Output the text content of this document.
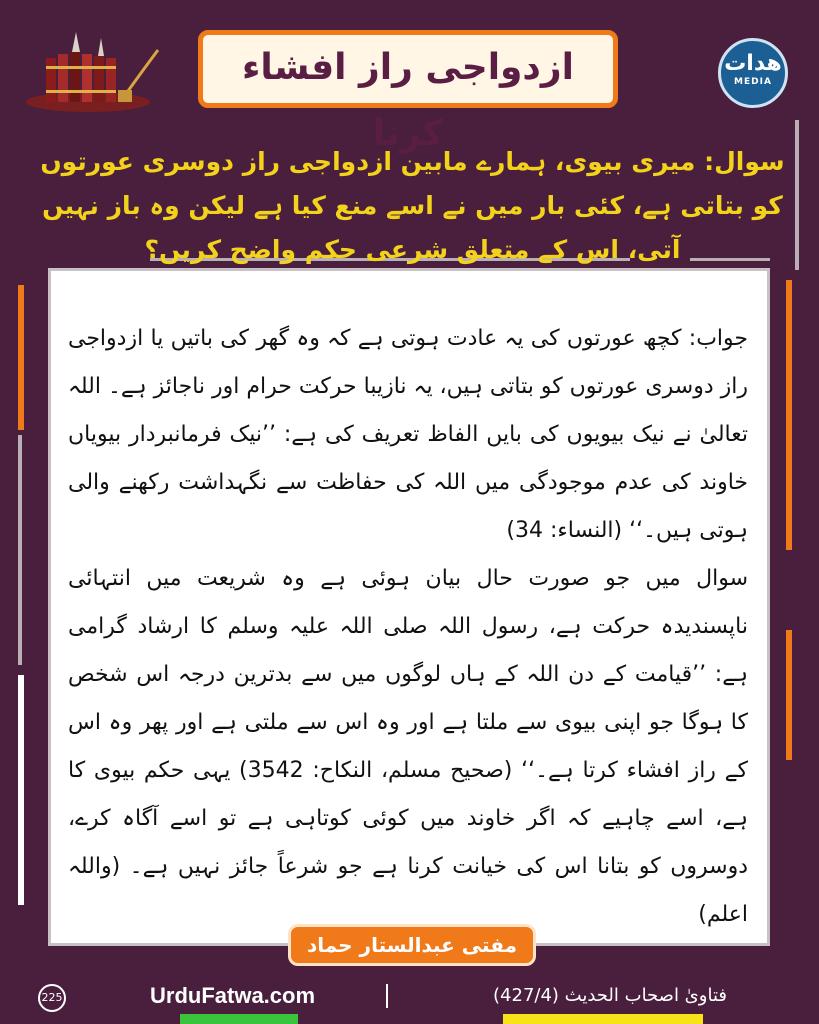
ھدات
MEDIA
ازدواجی راز افشاء کرنا
سوال: میری بیوی، ہمارے مابین ازدواجی راز دوسری عورتوں کو بتاتی ہے، کئی بار میں نے اسے منع کیا ہے لیکن وہ باز نہیں آتی، اس کے متعلق شرعی حکم واضح کریں؟
جواب: کچھ عورتوں کی یہ عادت ہوتی ہے کہ وہ گھر کی باتیں یا ازدواجی راز دوسری عورتوں کو بتاتی ہیں، یہ نازیبا حرکت حرام اور ناجائز ہے۔ اللہ تعالیٰ نے نیک بیویوں کی بایں الفاظ تعریف کی ہے: ’’نیک فرمانبردار بیویاں خاوند کی عدم موجودگی میں اللہ کی حفاظت سے نگہداشت رکھنے والی ہوتی ہیں۔‘‘ (النساء: 34)
سوال میں جو صورت حال بیان ہوئی ہے وہ شریعت میں انتہائی ناپسندیدہ حرکت ہے، رسول اللہ صلی اللہ علیہ وسلم کا ارشاد گرامی ہے: ’’قیامت کے دن اللہ کے ہاں لوگوں میں سے بدترین درجہ اس شخص کا ہوگا جو اپنی بیوی سے ملتا ہے اور وہ اس سے ملتی ہے اور پھر وہ اس کے راز افشاء کرتا ہے۔‘‘ (صحیح مسلم، النکاح: 3542) یہی حکم بیوی کا ہے، اسے چاہیے کہ اگر خاوند میں کوئی کوتاہی ہے تو اسے آگاہ کرے، دوسروں کو بتانا اس کی خیانت کرنا ہے جو شرعاً جائز نہیں ہے۔ (واللہ اعلم)
مفتی عبدالستار حماد
225	UrduFatwa.com	فتاویٰ اصحاب الحدیث (427/4)
